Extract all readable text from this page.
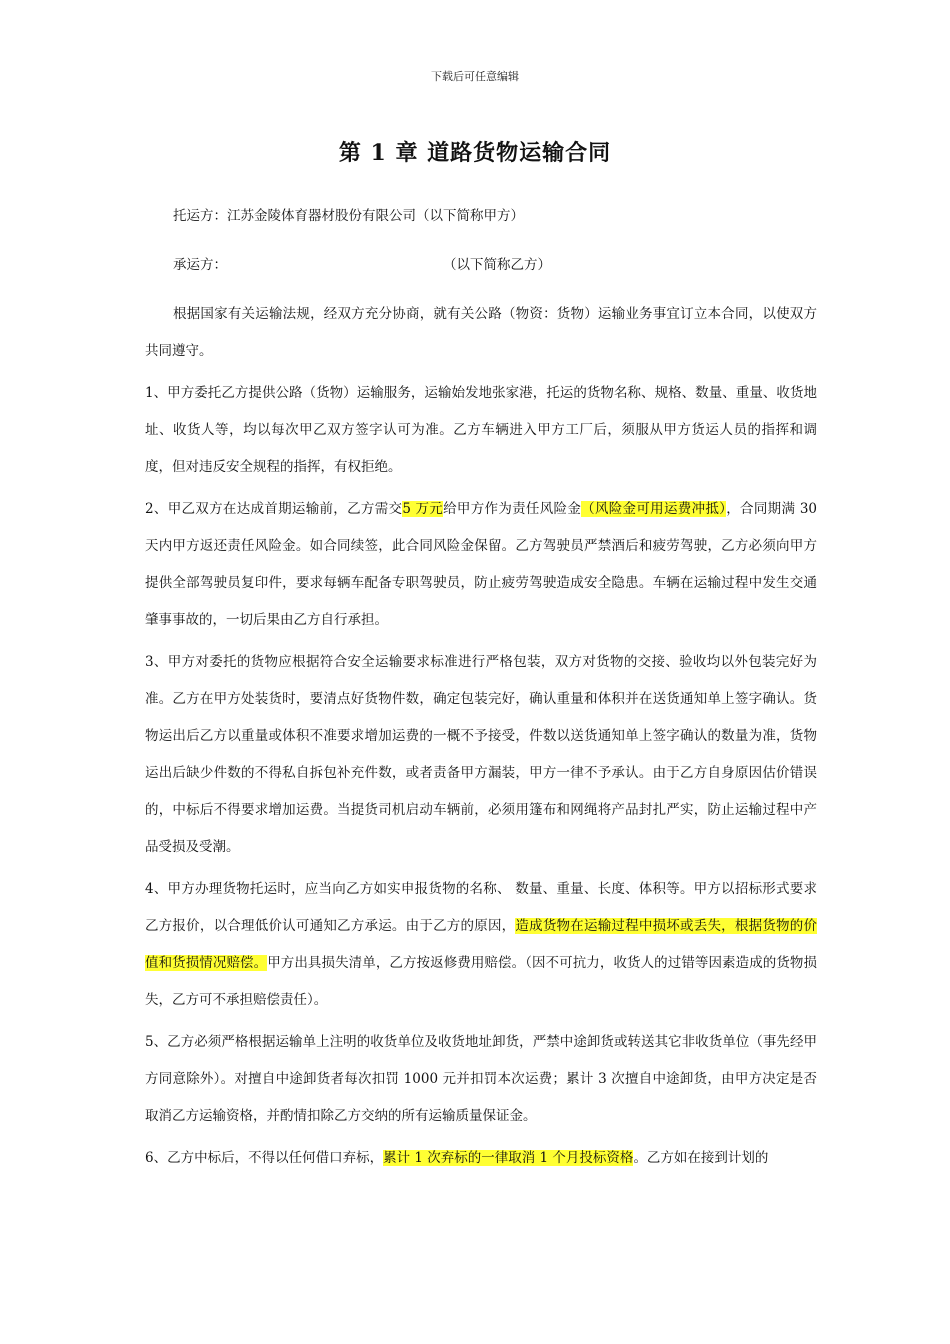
下载后可任意编辑
第 1 章 道路货物运输合同

托运方：江苏金陵体育器材股份有限公司（以下简称甲方）

承运方：	（以下简称乙方）

根据国家有关运输法规，经双方充分协商，就有关公路（物资：货物）运输业务事宜订立本合同，以使双方共同遵守。

1、甲方委托乙方提供公路（货物）运输服务，运输始发地张家港，托运的货物名称、规格、数量、重量、收货地址、收货人等，均以每次甲乙双方签字认可为准。乙方车辆进入甲方工厂后，须服从甲方货运人员的指挥和调度，但对违反安全规程的指挥，有权拒绝。

2、甲乙双方在达成首期运输前，乙方需交5 万元给甲方作为责任风险金（风险金可用运费冲抵），合同期满 30 天内甲方返还责任风险金。如合同续签，此合同风险金保留。乙方驾驶员严禁酒后和疲劳驾驶，乙方必须向甲方提供全部驾驶员复印件，要求每辆车配备专职驾驶员，防止疲劳驾驶造成安全隐患。车辆在运输过程中发生交通肇事事故的，一切后果由乙方自行承担。

3、甲方对委托的货物应根据符合安全运输要求标准进行严格包装，双方对货物的交接、验收均以外包装完好为准。乙方在甲方处装货时，要清点好货物件数，确定包装完好，确认重量和体积并在送货通知单上签字确认。货物运出后乙方以重量或体积不准要求增加运费的一概不予接受，件数以送货通知单上签字确认的数量为准，货物运出后缺少件数的不得私自拆包补充件数，或者责备甲方漏装，甲方一律不予承认。由于乙方自身原因估价错误的，中标后不得要求增加运费。当提货司机启动车辆前，必须用篷布和网绳将产品封扎严实，防止运输过程中产品受损及受潮。

4、甲方办理货物托运时，应当向乙方如实申报货物的名称、 数量、重量、长度、体积等。甲方以招标形式要求乙方报价，以合理低价认可通知乙方承运。由于乙方的原因，造成货物在运输过程中损坏或丢失，根据货物的价值和货损情况赔偿。甲方出具损失清单，乙方按返修费用赔偿。（因不可抗力，收货人的过错等因素造成的货物损失，乙方可不承担赔偿责任）。

5、乙方必须严格根据运输单上注明的收货单位及收货地址卸货，严禁中途卸货或转送其它非收货单位（事先经甲方同意除外）。对擅自中途卸货者每次扣罚 1000 元并扣罚本次运费；累计 3 次擅自中途卸货，由甲方决定是否取消乙方运输资格，并酌情扣除乙方交纳的所有运输质量保证金。

6、乙方中标后，不得以任何借口弃标，累计 1 次弃标的一律取消 1 个月投标资格。乙方如在接到计划的
